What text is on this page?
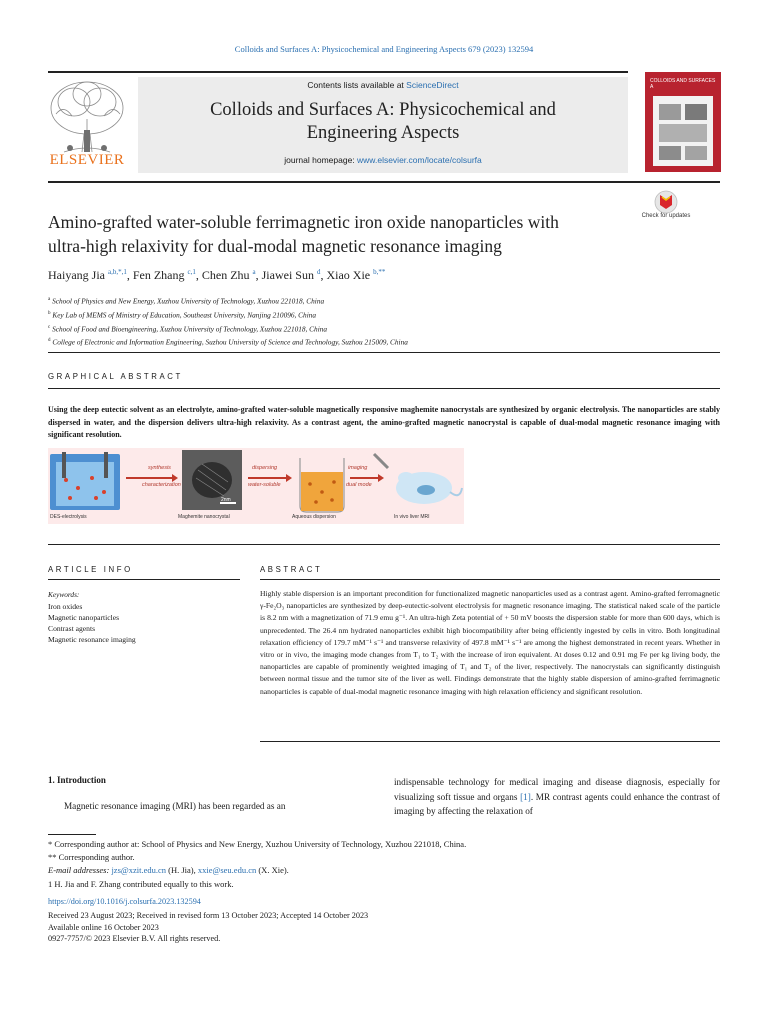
Colloids and Surfaces A: Physicochemical and Engineering Aspects 679 (2023) 132594
ELSEVIER
Contents lists available at ScienceDirect
Colloids and Surfaces A: Physicochemical and
Engineering Aspects
journal homepage: www.elsevier.com/locate/colsurfa
COLLOIDS AND SURFACES A
Check for updates
Amino-grafted water-soluble ferrimagnetic iron oxide nanoparticles with
ultra-high relaxivity for dual-modal magnetic resonance imaging
Haiyang Jia $^{a,b,*,1}$, Fen Zhang $^{c,1}$, Chen Zhu $^a$, Jiawei Sun $^d$, Xiao Xie $^{b,**}$
$^a$ School of Physics and New Energy, Xuzhou University of Technology, Xuzhou 221018, China
$^b$ Key Lab of MEMS of Ministry of Education, Southeast University, Nanjing 210096, China
$^c$ School of Food and Bioengineering, Xuzhou University of Technology, Xuzhou 221018, China
$^d$ College of Electronic and Information Engineering, Suzhou University of Science and Technology, Suzhou 215009, China
GRAPHICAL ABSTRACT
Using the deep eutectic solvent as an electrolyte, amino-grafted water-soluble magnetically responsive maghemite nanocrystals are synthesized by organic electrolysis. The nanoparticles are stably dispersed in water, and the dispersion delivers ultra-high relaxivity. As a contrast agent, the amino-grafted magnetic nanocrystal is capable of dual-modal magnetic resonance imaging with significant resolution.
synthesis
characterization
dispersing
water-soluble
imaging
dual mode
2nm
DES-electrolysis	Maghemite nanocrystal	Aqueous dispersion	In vivo liver MRI
ARTICLE INFO
Keywords:
Iron oxides
Magnetic nanoparticles
Contrast agents
Magnetic resonance imaging
ABSTRACT
Highly stable dispersion is an important precondition for functionalized magnetic nanoparticles used as a contrast agent. Amino-grafted ferromagnetic γ-Fe₂O₃ nanoparticles are synthesized by deep-eutectic-solvent electrolysis for magnetic resonance imaging. The statistical naked scale of the particle is 8.2 nm with a magnetization of 71.9 emu g⁻¹. An ultra-high Zeta potential of + 50 mV boosts the dispersion stable for more than 600 days, which is unprecedented. The 26.4 nm hydrated nanoparticles exhibit high biocompatibility after being efficiently ingested by cells in vitro. Both longitudinal relaxation efficiency of 179.7 mM⁻¹ s⁻¹ and transverse relaxivity of 497.8 mM⁻¹ s⁻¹ are among the highest demonstrated in recent years. Whether in vitro or in vivo, the imaging mode changes from T₁ to T₂ with the increase of iron equivalent. At doses 0.12 and 0.91 mg Fe per kg living body, the nanoparticles are capable of prominently weighted imaging of T₁ and T₂ of the liver, respectively. The nanocrystals can significantly distinguish between normal tissue and the tumor site of the liver as well. Findings demonstrate that the highly stable dispersion of amino-grafted ferrimagnetic nanoparticles is capable of dual-modal magnetic resonance imaging with high relaxation efficiency and significant resolution.
1. Introduction
Magnetic resonance imaging (MRI) has been regarded as an
indispensable technology for medical imaging and disease diagnosis, especially for visualizing soft tissue and organs [1]. MR contrast agents could enhance the contrast of imaging by affecting the relaxation of
* Corresponding author at: School of Physics and New Energy, Xuzhou University of Technology, Xuzhou 221018, China.
** Corresponding author.
E-mail addresses: jzs@xzit.edu.cn (H. Jia), xxie@seu.edu.cn (X. Xie).
1 H. Jia and F. Zhang contributed equally to this work.
https://doi.org/10.1016/j.colsurfa.2023.132594
Received 23 August 2023; Received in revised form 13 October 2023; Accepted 14 October 2023
Available online 16 October 2023
0927-7757/© 2023 Elsevier B.V. All rights reserved.
